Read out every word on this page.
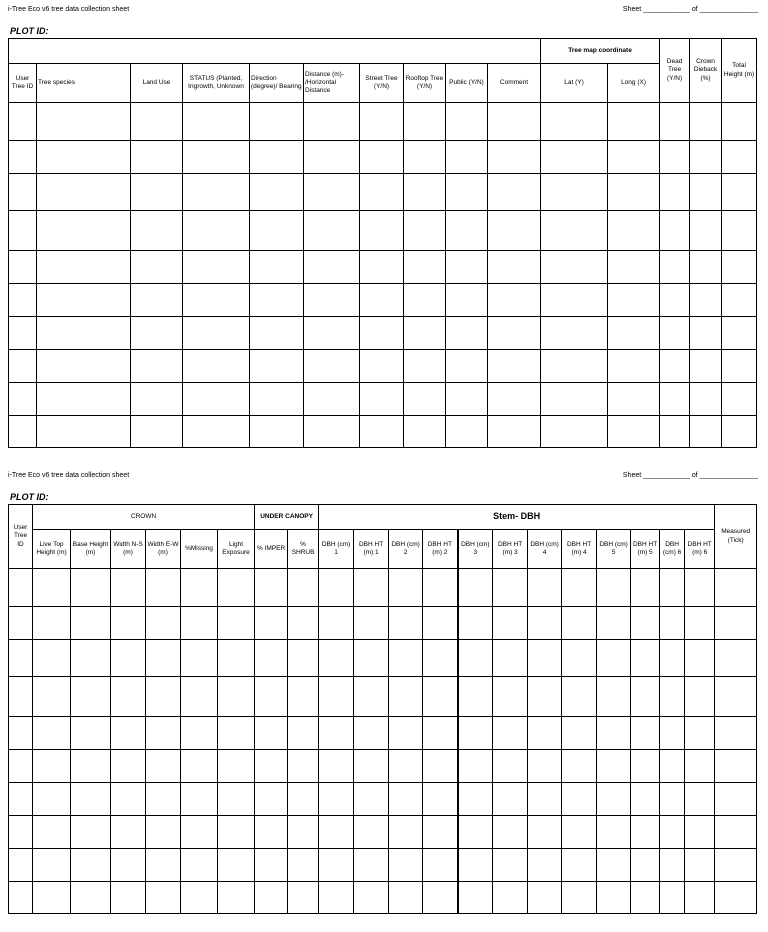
i-Tree Eco v6 tree data collection sheet	Sheet ____________ of _______________
PLOT ID:
										Tree map coordinate		Dead Tree (Y/N)	Crown Dieback (%)	Total Height (m)
User Tree ID	Tree species	Land Use	STATUS (Planted, Ingrowth, Unknown	Direction (degree)/ Bearing	Distance (m)- /Horizontal Distance	Street Tree (Y/N)	Rooftop Tree (Y/N)	Public (Y/N)	Comment	Lat (Y)	Long (X)			

i-Tree Eco v6 tree data collection sheet	Sheet ____________ of _______________
PLOT ID:
User Tree ID	CROWN						UNDER CANOPY		Stem- DBH												Measured (Tick)
	Live Top Height (m)	Base Height (m)	Width N-S (m)	Width E-W (m)	%Missing	Light Exposure	% IMPER	% SHRUB	DBH (cm) 1	DBH HT (m) 1	DBH (cm) 2	DBH HT (m) 2	DBH (cm) 3	DBH HT (m) 3	DBH (cm) 4	DBH HT (m) 4	DBH (cm) 5	DBH HT (m) 5	DBH (cm) 6	DBH HT (m) 6	
